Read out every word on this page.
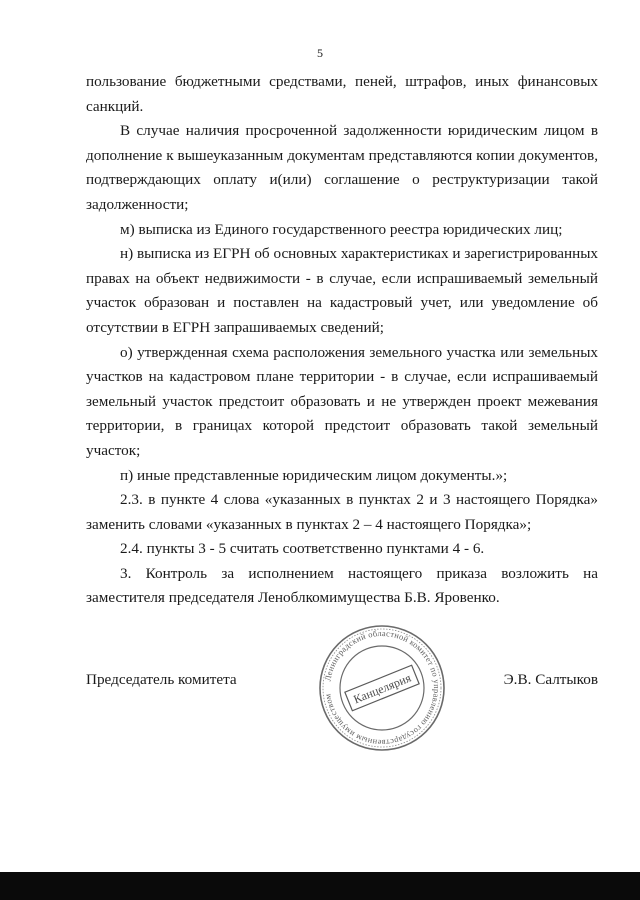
5

пользование бюджетными средствами, пеней, штрафов, иных финансовых санкций.

В случае наличия просроченной задолженности юридическим лицом в дополнение к вышеуказанным документам представляются копии документов, подтверждающих оплату и(или) соглашение о реструктуризации такой задолженности;

м) выписка из Единого государственного реестра юридических лиц;

н) выписка из ЕГРН об основных характеристиках и зарегистрированных правах на объект недвижимости - в случае, если испрашиваемый земельный участок образован и поставлен на кадастровый учет, или уведомление об отсутствии в ЕГРН запрашиваемых сведений;

о) утвержденная схема расположения земельного участка или земельных участков на кадастровом плане территории - в случае, если испрашиваемый земельный участок предстоит образовать и не утвержден проект межевания территории, в границах которой предстоит образовать такой земельный участок;

п) иные представленные юридическим лицом документы.»;

2.3. в пункте 4 слова «указанных в пунктах 2 и 3 настоящего Порядка» заменить словами «указанных в пунктах 2 – 4 настоящего Порядка»;

2.4. пункты 3 - 5 считать соответственно пунктами 4 - 6.

3. Контроль за исполнением настоящего приказа возложить на заместителя председателя Леноблкомимущества Б.В. Яровенко.

Председатель комитета	Э.В. Салтыков
Ленинградский областной комитет по управлению государственным имуществом	Канцелярия
